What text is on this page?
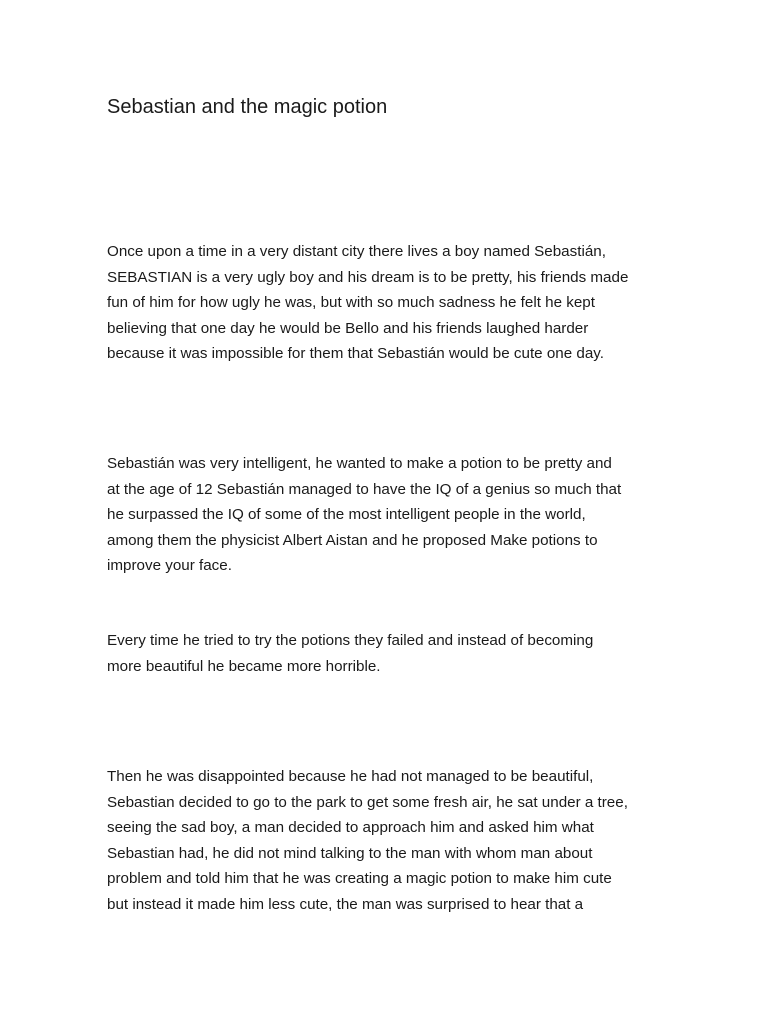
Sebastian and the magic potion

Once upon a time in a very distant city there lives a boy named Sebastián,
SEBASTIAN is a very ugly boy and his dream is to be pretty, his friends made
fun of him for how ugly he was, but with so much sadness he felt he kept
believing that one day he would be Bello and his friends laughed harder
because it was impossible for them that Sebastián would be cute one day.

Sebastián was very intelligent, he wanted to make a potion to be pretty and
at the age of 12 Sebastián managed to have the IQ of a genius so much that
he surpassed the IQ of some of the most intelligent people in the world,
among them the physicist Albert Aistan and he proposed Make potions to
improve your face.

Every time he tried to try the potions they failed and instead of becoming
more beautiful he became more horrible.

Then he was disappointed because he had not managed to be beautiful,
Sebastian decided to go to the park to get some fresh air, he sat under a tree,
seeing the sad boy, a man decided to approach him and asked him what
Sebastian had, he did not mind talking to the man with whom man about
problem and told him that he was creating a magic potion to make him cute
but instead it made him less cute, the man was surprised to hear that a
